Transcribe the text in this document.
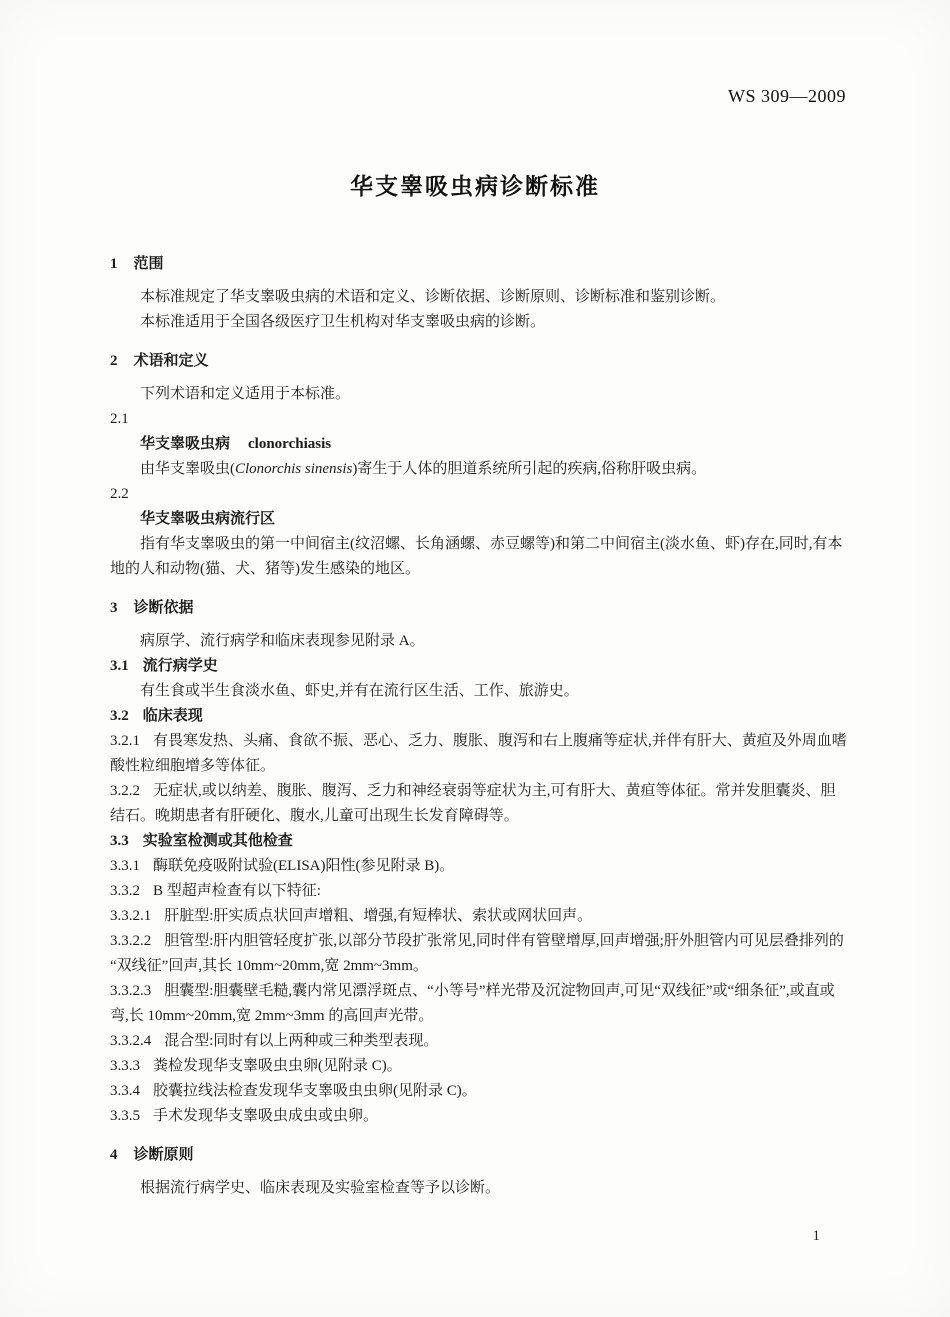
WS 309—2009
华支睾吸虫病诊断标准

1 范围

本标准规定了华支睾吸虫病的术语和定义、诊断依据、诊断原则、诊断标准和鉴别诊断。

本标准适用于全国各级医疗卫生机构对华支睾吸虫病的诊断。

2 术语和定义

下列术语和定义适用于本标准。

2.1

华支睾吸虫病 clonorchiasis

由华支睾吸虫(Clonorchis sinensis)寄生于人体的胆道系统所引起的疾病,俗称肝吸虫病。

2.2

华支睾吸虫病流行区

指有华支睾吸虫的第一中间宿主(纹沼螺、长角涵螺、赤豆螺等)和第二中间宿主(淡水鱼、虾)存在,同时,有本地的人和动物(猫、犬、猪等)发生感染的地区。

3 诊断依据

病原学、流行病学和临床表现参见附录 A。

3.1 流行病学史

有生食或半生食淡水鱼、虾史,并有在流行区生活、工作、旅游史。

3.2 临床表现

3.2.1 有畏寒发热、头痛、食欲不振、恶心、乏力、腹胀、腹泻和右上腹痛等症状,并伴有肝大、黄疸及外周血嗜酸性粒细胞增多等体征。

3.2.2 无症状,或以纳差、腹胀、腹泻、乏力和神经衰弱等症状为主,可有肝大、黄疸等体征。常并发胆囊炎、胆结石。晚期患者有肝硬化、腹水,儿童可出现生长发育障碍等。

3.3 实验室检测或其他检查

3.3.1 酶联免疫吸附试验(ELISA)阳性(参见附录 B)。

3.3.2 B 型超声检查有以下特征:

3.3.2.1 肝脏型:肝实质点状回声增粗、增强,有短棒状、索状或网状回声。

3.3.2.2 胆管型:肝内胆管轻度扩张,以部分节段扩张常见,同时伴有管壁增厚,回声增强;肝外胆管内可见层叠排列的“双线征”回声,其长 10mm~20mm,宽 2mm~3mm。

3.3.2.3 胆囊型:胆囊壁毛糙,囊内常见漂浮斑点、“小等号”样光带及沉淀物回声,可见“双线征”或“细条征”,或直或弯,长 10mm~20mm,宽 2mm~3mm 的高回声光带。

3.3.2.4 混合型:同时有以上两种或三种类型表现。

3.3.3 粪检发现华支睾吸虫虫卵(见附录 C)。

3.3.4 胶囊拉线法检查发现华支睾吸虫虫卵(见附录 C)。

3.3.5 手术发现华支睾吸虫成虫或虫卵。

4 诊断原则

根据流行病学史、临床表现及实验室检查等予以诊断。

1
